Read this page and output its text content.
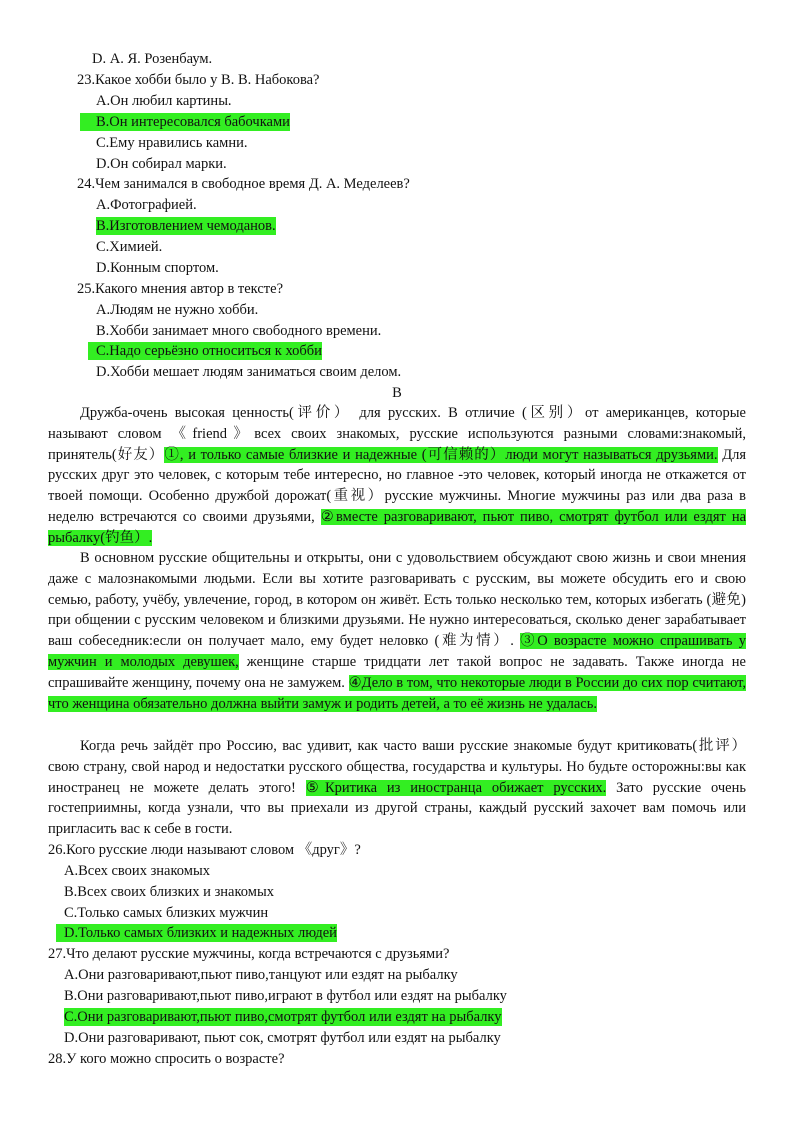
D. А. Я. Розенбаум.
23.Какое хобби было у В. В. Набокова?
А.Он любил картины.
В.Он интересовался бабочками
С.Ему нравились камни.
D.Он собирал марки.
24.Чем занимался в свободное время Д. А. Меделеев?
А.Фотографией.
В.Изготовлением чемоданов.
С.Химией.
D.Конным спортом.
25.Какого мнения автор в тексте?
А.Людям не нужно хобби.
В.Хобби занимает много свободного времени.
С.Надо серьёзно относиться к хобби
D.Хобби мешает людям заниматься своим делом.
B
Дружба-очень высокая ценность(评价） для русских. В отличие (区别）от американцев, которые называют словом 《friend》всех своих знакомых, русские используются разными словами:знакомый, принятель(好友）①, и только самые близкие и надежные (可信赖的）люди могут называться друзьями. Для русских друг это человек, с которым тебе интересно, но главное -это человек, который иногда не откажется от твоей помощи. Особенно дружбой дорожат(重视）русские мужчины. Многие мужчины раз или два раза в неделю встречаются со своими друзьями, ②вместе разговаривают, пьют пиво, смотрят футбол или ездят на рыбалку(钓鱼）.
В основном русские общительны и открыты, они с удовольствием обсуждают свою жизнь и свои мнения даже с малознакомыми людьми. Если вы хотите разговаривать с русским, вы можете обсудить его и свою семью, работу, учёбу, увлечение, город, в котором он живёт. Есть только несколько тем, которых избегать (避免) при общении с русским человеком и близкими друзьями. Не нужно интересоваться, сколько денег зарабатывает ваш собеседник:если он получает мало, ему будет неловко (难为情）. ③О возрасте можно спрашивать у мужчин и молодых девушек, женщине старше тридцати лет такой вопрос не задавать. Также иногда не спрашивайте женщину, почему она не замужем. ④Дело в том, что некоторые люди в России до сих пор считают, что женщина обязательно должна выйти замуж и родить детей, а то её жизнь не удалась.
Когда речь зайдёт про Россию, вас удивит, как часто ваши русские знакомые будут критиковать(批评）свою страну, свой народ и недостатки русского общества, государства и культуры. Но будьте осторожны:вы как иностранец не можете делать этого! ⑤Критика из иностранца обижает русских. Зато русские очень гостеприимны, когда узнали, что вы приехали из другой страны, каждый русский захочет вам помочь или пригласить вас к себе в гости.
26.Кого русские люди называют словом 《друг》?
А.Всех своих знакомых
В.Всех своих близких и знакомых
С.Только самых близких мужчин
D.Только самых близких и надежных людей
27.Что делают русские мужчины, когда встречаются с друзьями?
А.Они разговаривают,пьют пиво,танцуют или ездят на рыбалку
В.Они разговаривают,пьют пиво,играют в футбол или ездят на рыбалку
С.Они разговаривают,пьют пиво,смотрят футбол или ездят на рыбалку
D.Они разговаривают, пьют сок, смотрят футбол или ездят на рыбалку
28.У кого можно спросить о возрасте?
